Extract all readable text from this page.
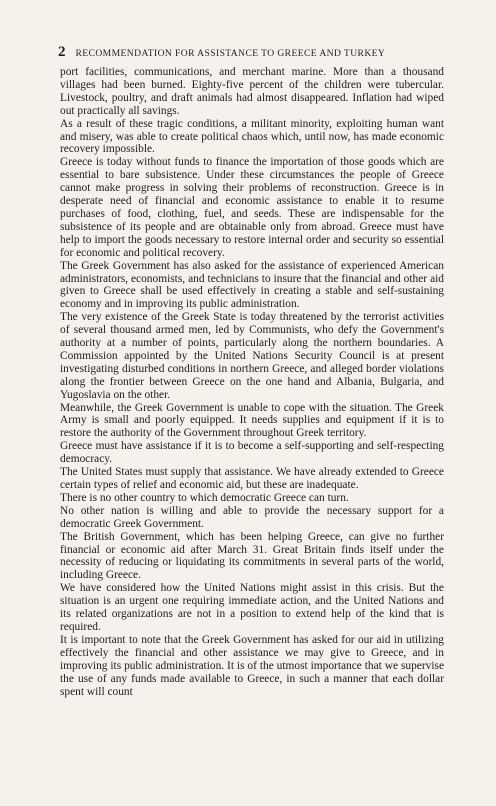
2 RECOMMENDATION FOR ASSISTANCE TO GREECE AND TURKEY

port facilities, communications, and merchant marine. More than a thousand villages had been burned. Eighty-five percent of the children were tubercular. Livestock, poultry, and draft animals had almost disappeared. Inflation had wiped out practically all savings.

As a result of these tragic conditions, a militant minority, exploiting human want and misery, was able to create political chaos which, until now, has made economic recovery impossible.

Greece is today without funds to finance the importation of those goods which are essential to bare subsistence. Under these circumstances the people of Greece cannot make progress in solving their problems of reconstruction. Greece is in desperate need of financial and economic assistance to enable it to resume purchases of food, clothing, fuel, and seeds. These are indispensable for the subsistence of its people and are obtainable only from abroad. Greece must have help to import the goods necessary to restore internal order and security so essential for economic and political recovery.

The Greek Government has also asked for the assistance of experienced American administrators, economists, and technicians to insure that the financial and other aid given to Greece shall be used effectively in creating a stable and self-sustaining economy and in improving its public administration.

The very existence of the Greek State is today threatened by the terrorist activities of several thousand armed men, led by Communists, who defy the Government's authority at a number of points, particularly along the northern boundaries. A Commission appointed by the United Nations Security Council is at present investigating disturbed conditions in northern Greece, and alleged border violations along the frontier between Greece on the one hand and Albania, Bulgaria, and Yugoslavia on the other.

Meanwhile, the Greek Government is unable to cope with the situation. The Greek Army is small and poorly equipped. It needs supplies and equipment if it is to restore the authority of the Government throughout Greek territory.

Greece must have assistance if it is to become a self-supporting and self-respecting democracy.

The United States must supply that assistance. We have already extended to Greece certain types of relief and economic aid, but these are inadequate.

There is no other country to which democratic Greece can turn.

No other nation is willing and able to provide the necessary support for a democratic Greek Government.

The British Government, which has been helping Greece, can give no further financial or economic aid after March 31. Great Britain finds itself under the necessity of reducing or liquidating its commitments in several parts of the world, including Greece.

We have considered how the United Nations might assist in this crisis. But the situation is an urgent one requiring immediate action, and the United Nations and its related organizations are not in a position to extend help of the kind that is required.

It is important to note that the Greek Government has asked for our aid in utilizing effectively the financial and other assistance we may give to Greece, and in improving its public administration. It is of the utmost importance that we supervise the use of any funds made available to Greece, in such a manner that each dollar spent will count
